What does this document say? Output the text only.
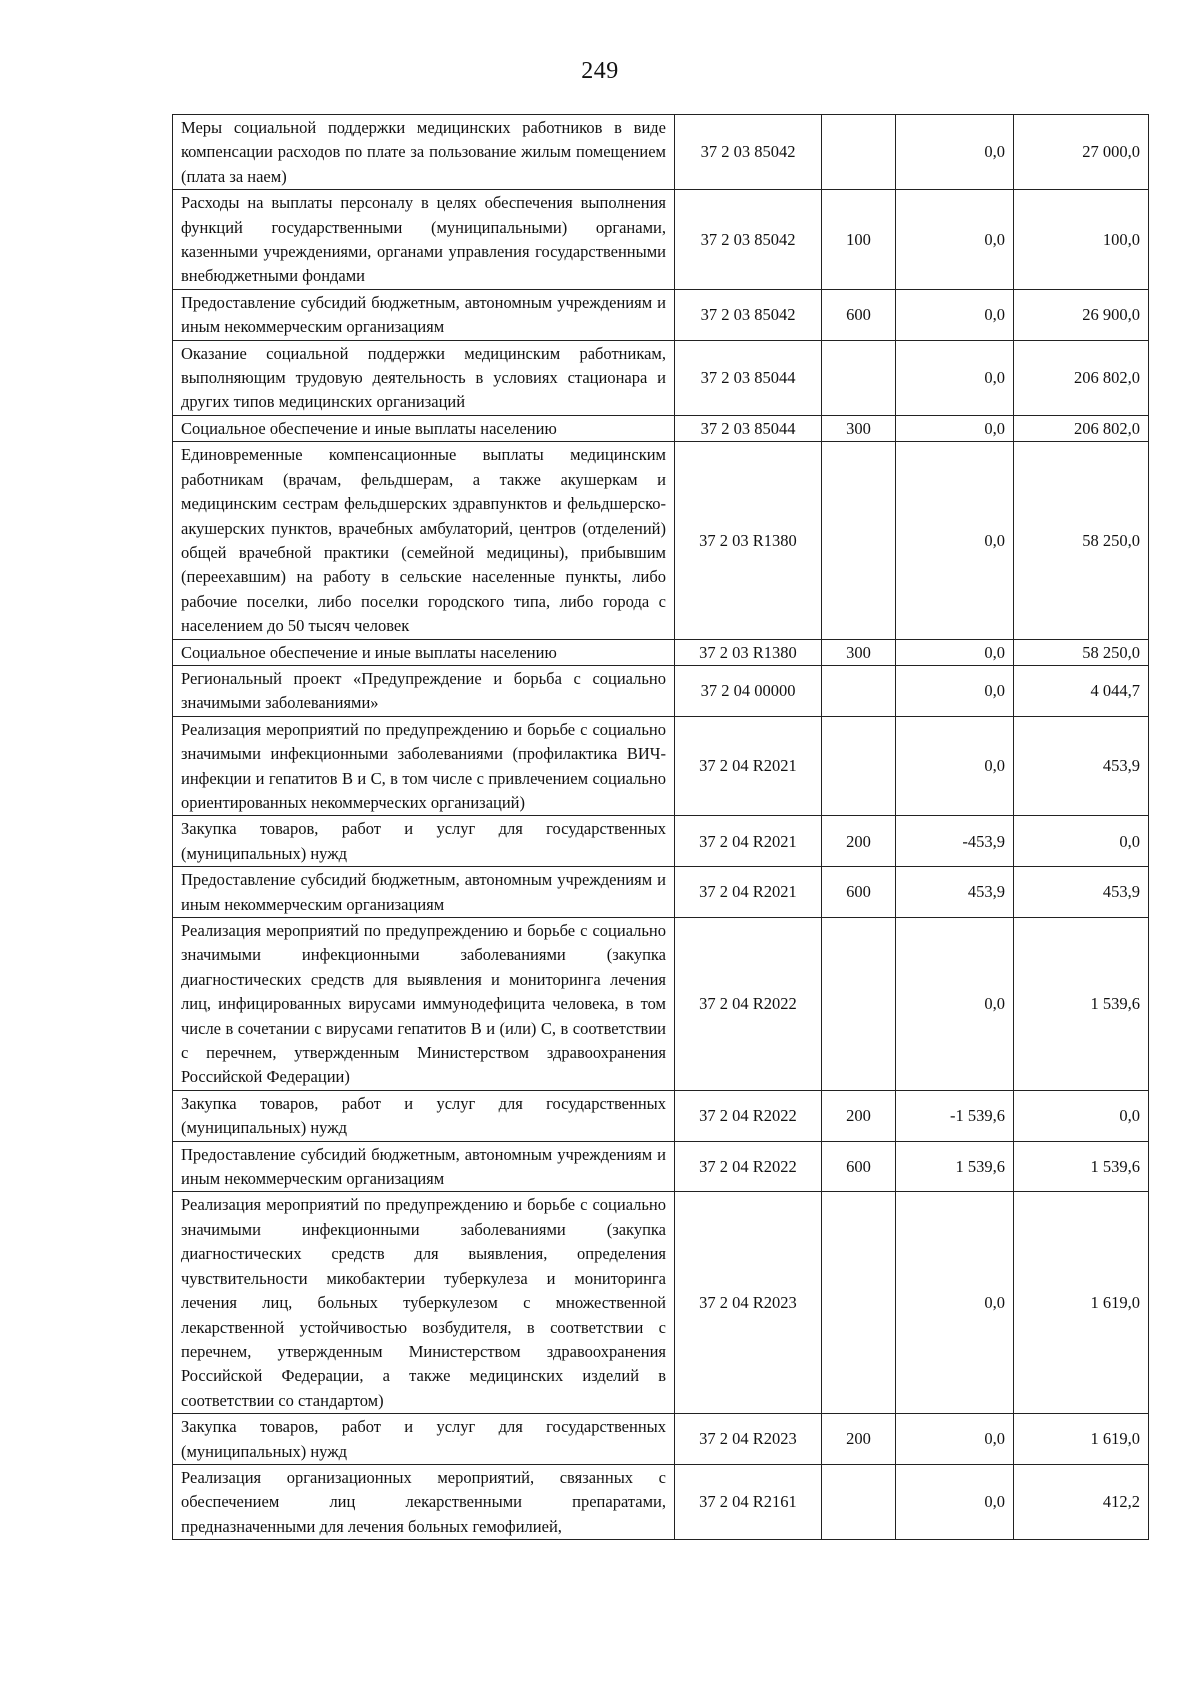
249
Меры социальной поддержки медицинских работников в виде компенсации расходов по плате за пользование жилым помещением (плата за наем)	37 2 03 85042		0,0	27 000,0
Расходы на выплаты персоналу в целях обеспечения выполнения функций государственными (муниципальными) органами, казенными учреждениями, органами управления государственными внебюджетными фондами	37 2 03 85042	100	0,0	100,0
Предоставление субсидий бюджетным, автономным учреждениям и иным некоммерческим организациям	37 2 03 85042	600	0,0	26 900,0
Оказание социальной поддержки медицинским работникам, выполняющим трудовую деятельность в условиях стационара и других типов медицинских организаций	37 2 03 85044		0,0	206 802,0
Социальное обеспечение и иные выплаты населению	37 2 03 85044	300	0,0	206 802,0
Единовременные компенсационные выплаты медицинским работникам (врачам, фельдшерам, а также акушеркам и медицинским сестрам фельдшерских здравпунктов и фельдшерско-акушерских пунктов, врачебных амбулаторий, центров (отделений) общей врачебной практики (семейной медицины), прибывшим (переехавшим) на работу в сельские населенные пункты, либо рабочие поселки, либо поселки городского типа, либо города с населением до 50 тысяч человек	37 2 03 R1380		0,0	58 250,0
Социальное обеспечение и иные выплаты населению	37 2 03 R1380	300	0,0	58 250,0
Региональный проект «Предупреждение и борьба с социально значимыми заболеваниями»	37 2 04 00000		0,0	4 044,7
Реализация мероприятий по предупреждению и борьбе с социально значимыми инфекционными заболеваниями (профилактика ВИЧ-инфекции и гепатитов В и С, в том числе с привлечением социально ориентированных некоммерческих организаций)	37 2 04 R2021		0,0	453,9
Закупка товаров, работ и услуг для государственных (муниципальных) нужд	37 2 04 R2021	200	-453,9	0,0
Предоставление субсидий бюджетным, автономным учреждениям и иным некоммерческим организациям	37 2 04 R2021	600	453,9	453,9
Реализация мероприятий по предупреждению и борьбе с социально значимыми инфекционными заболеваниями (закупка диагностических средств для выявления и мониторинга лечения лиц, инфицированных вирусами иммунодефицита человека, в том числе в сочетании с вирусами гепатитов В и (или) С, в соответствии с перечнем, утвержденным Министерством здравоохранения Российской Федерации)	37 2 04 R2022		0,0	1 539,6
Закупка товаров, работ и услуг для государственных (муниципальных) нужд	37 2 04 R2022	200	-1 539,6	0,0
Предоставление субсидий бюджетным, автономным учреждениям и иным некоммерческим организациям	37 2 04 R2022	600	1 539,6	1 539,6
Реализация мероприятий по предупреждению и борьбе с социально значимыми инфекционными заболеваниями (закупка диагностических средств для выявления, определения чувствительности микобактерии туберкулеза и мониторинга лечения лиц, больных туберкулезом с множественной лекарственной устойчивостью возбудителя, в соответствии с перечнем, утвержденным Министерством здравоохранения Российской Федерации, а также медицинских изделий в соответствии со стандартом)	37 2 04 R2023		0,0	1 619,0
Закупка товаров, работ и услуг для государственных (муниципальных) нужд	37 2 04 R2023	200	0,0	1 619,0
Реализация организационных мероприятий, связанных с обеспечением лиц лекарственными препаратами, предназначенными для лечения больных гемофилией,	37 2 04 R2161		0,0	412,2
